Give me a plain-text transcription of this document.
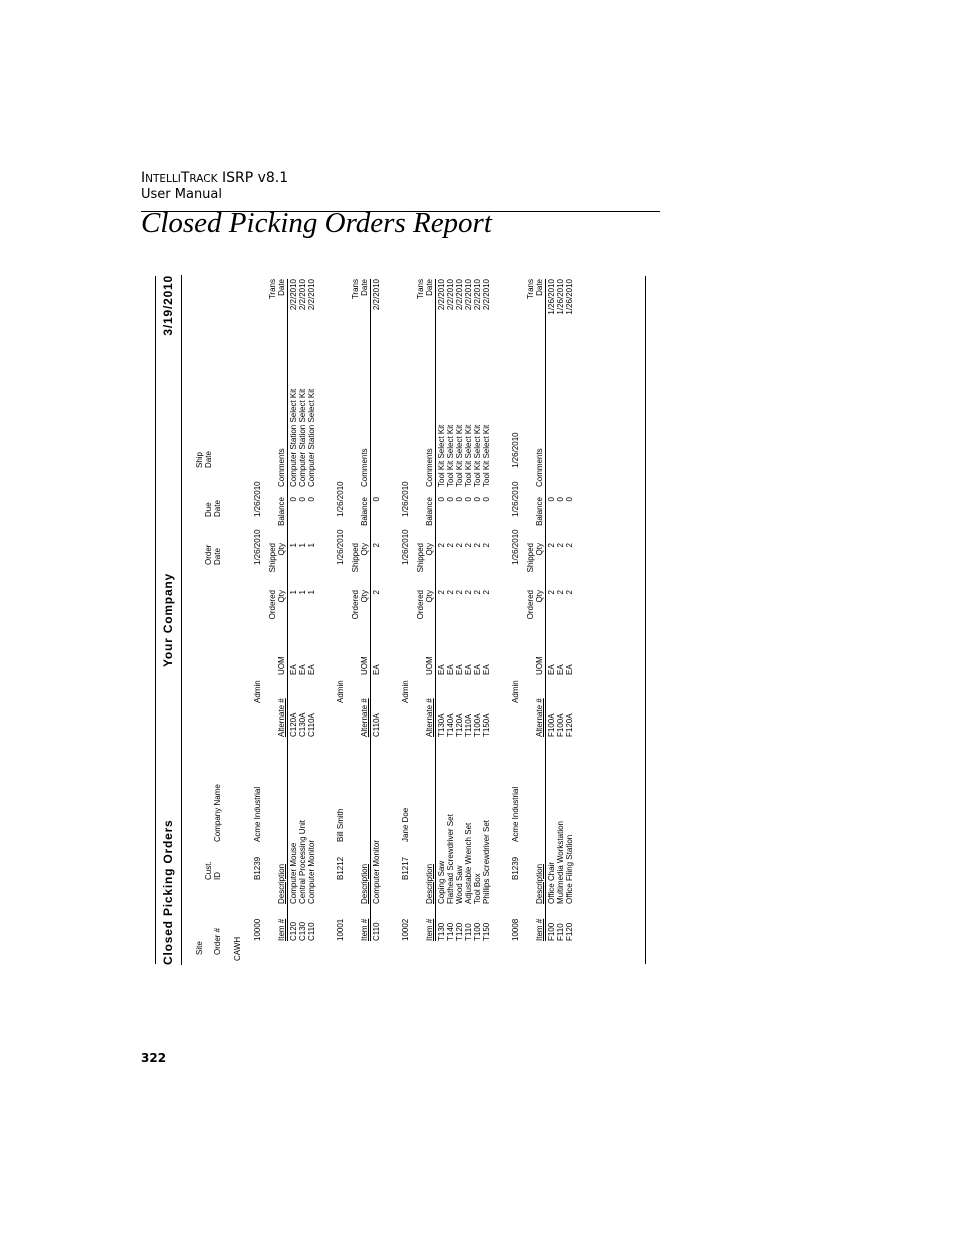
INTELLITRACK ISRP v8.1
User Manual
Closed Picking Orders Report
Closed Picking Orders
Your Company
3/19/2010
Site Order #
Cust. ID
Company Name
Order Date
Due Date
Ship Date
CAWH
10000
B1239
Acme Industrial
Admin
1/26/2010
1/26/2010
Item #
Description
Alternate #
UOM
Ordered Qty
Shipped Qty
Balance
Comments
Trans Date
C120
Computer Mouse
C120A
EA
1
1
0
Computer Station Select Kit
2/2/2010
C130
Central Processing Unit
C130A
EA
1
1
0
Computer Station Select Kit
2/2/2010
C110
Computer Monitor
C110A
EA
1
1
0
Computer Station Select Kit
2/2/2010
10001
B1212
Bill Smith
Admin
1/26/2010
1/26/2010
Item #
Description
Alternate #
UOM
Ordered Qty
Shipped Qty
Balance
Comments
Trans Date
C110
Computer Monitor
C110A
EA
2
2
0
2/2/2010
10002
B1217
Jane Doe
Admin
1/26/2010
1/26/2010
Item #
Description
Alternate #
UOM
Ordered Qty
Shipped Qty
Balance
Comments
Trans Date
T130
Coping Saw
T130A
EA
2
2
0
Tool Kit Select Kit
2/2/2010
T140
Flathead Screwdriver Set
T140A
EA
2
2
0
Tool Kit Select Kit
2/2/2010
T120
Wood Saw
T120A
EA
2
2
0
Tool Kit Select Kit
2/2/2010
T110
Adjustable Wrench Set
T110A
EA
2
2
0
Tool Kit Select Kit
2/2/2010
T100
Tool Box
T100A
EA
2
2
0
Tool Kit Select Kit
2/2/2010
T150
Phillips Screwdriver Set
T150A
EA
2
2
0
Tool Kit Select Kit
2/2/2010
10008
B1239
Acme Industrial
Admin
1/26/2010
1/26/2010
1/26/2010
Item #
Description
Alternate #
UOM
Ordered Qty
Shipped Qty
Balance
Comments
Trans Date
F100
Office Chair
F100A
EA
2
2
0
1/26/2010
F110
Multimedia Workstation
F100A
EA
2
2
0
1/26/2010
F120
Office Filing Station
F120A
EA
2
2
0
1/26/2010
322
